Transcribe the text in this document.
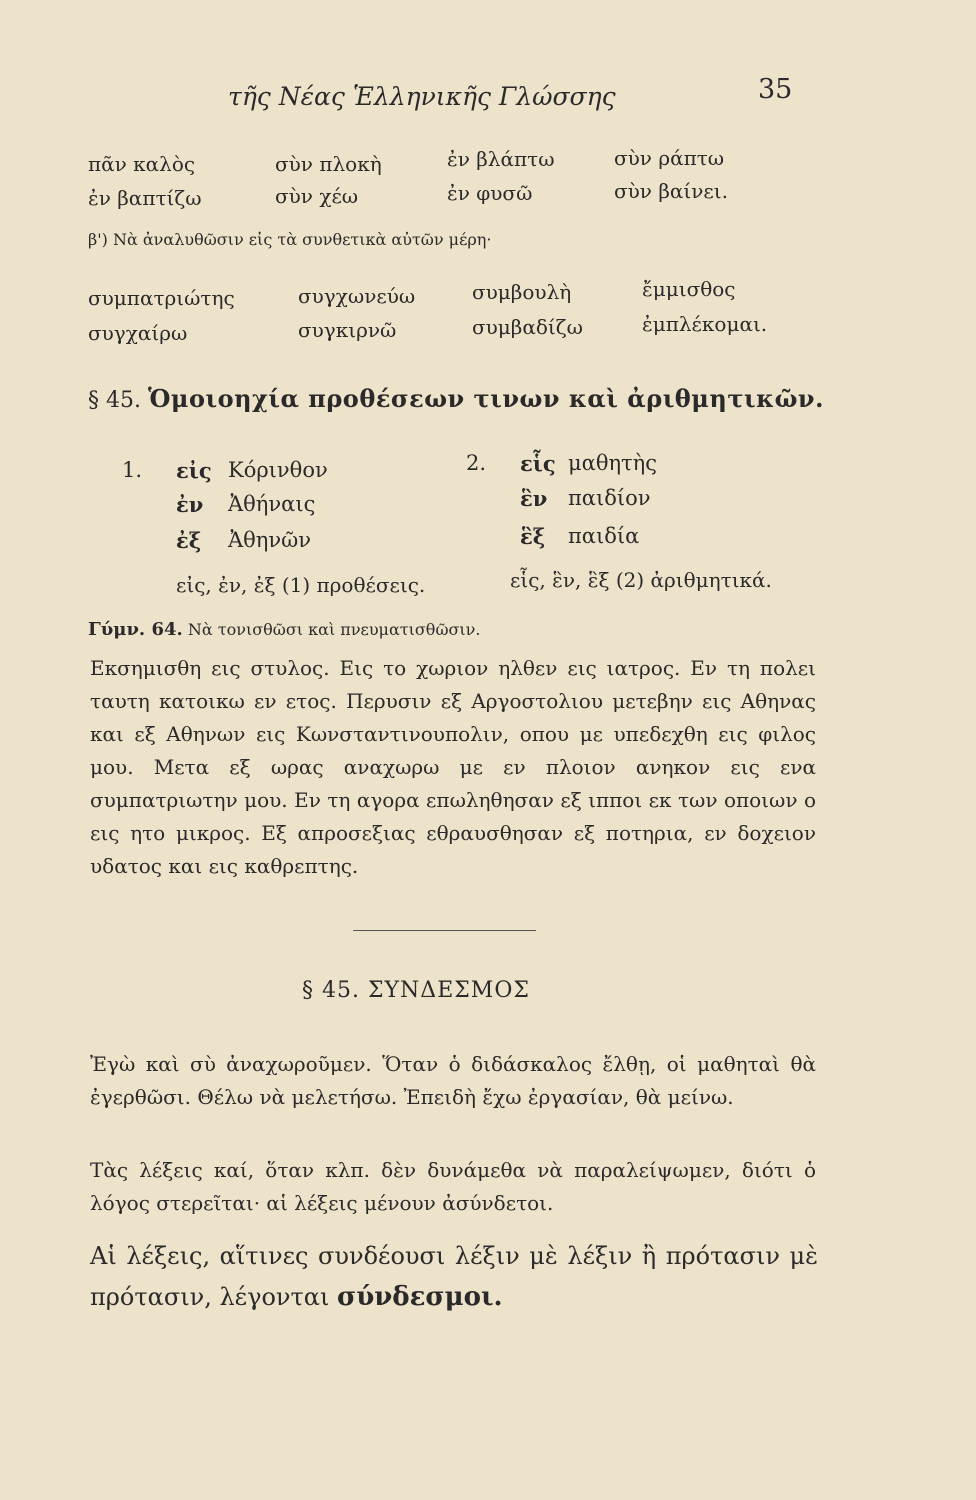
τῆς Νέας Ἑλληνικῆς Γλώσσης	35
πᾶν καλὸς	σὺν πλοκὴ	ἐν βλάπτω	σὺν ράπτω
ἐν βαπτίζω	σὺν χέω	ἐν φυσῶ	σὺν βαίνει.
β') Νὰ ἀναλυθῶσιν εἰς τὰ συνθετικὰ αὐτῶν μέρη·
συμπατριώτης	συγχωνεύω	συμβουλὴ	ἔμμισθος
συγχαίρω	συγκιρνῶ	συμβαδίζω	ἐμπλέκομαι.
§ 45. Ὁμοιοηχία προθέσεων τινων καὶ ἀριθμητικῶν.
1. εἰς Κόρινθον
ἐν Ἀθήναις
ἐξ Ἀθηνῶν
εἰς, ἐν, ἐξ (1) προθέσεις.
2. εἷς μαθητὴς
ἓν παιδίον
ἓξ παιδία
εἷς, ἓν, ἓξ (2) ἀριθμητικά.
Γύμν. 64. Νὰ τονισθῶσι καὶ πνευματισθῶσιν.
Εκσημισθη εις στυλος. Εις το χωριον ηλθεν εις ιατρος. Εν τη πολει ταυτη κατοικω εν ετος. Περυσιν εξ Αργοστολιου μετεβην εις Αθηνας και εξ Αθηνων εις Κωνσταντινουπολιν, οπου με υπεδεχθη εις φιλος μου. Μετα εξ ωρας αναχωρω με εν πλοιον ανηκον εις ενα συμπατριωτην μου. Εν τη αγορα επωληθησαν εξ ιπποι εκ των οποιων ο εις ητο μικρος. Εξ απροσεξιας εθραυσθησαν εξ ποτηρια, εν δοχειον υδατος και εις καθρεπτης.
§ 45. ΣΥΝΔΕΣΜΟΣ
Ἐγὼ καὶ σὺ ἀναχωροῦμεν. Ὅταν ὁ διδάσκαλος ἔλθῃ, οἱ μαθηταὶ θὰ ἐγερθῶσι. Θέλω νὰ μελετήσω. Ἐπειδὴ ἔχω ἐργασίαν, θὰ μείνω.
Τὰς λέξεις καί, ὅταν κλπ. δὲν δυνάμεθα νὰ παραλείψωμεν, διότι ὁ λόγος στερεῖται· αἱ λέξεις μένουν ἀσύνδετοι.
Αἱ λέξεις, αἵτινες συνδέουσι λέξιν μὲ λέξιν ἢ πρότασιν μὲ πρότασιν, λέγονται σύνδεσμοι.
